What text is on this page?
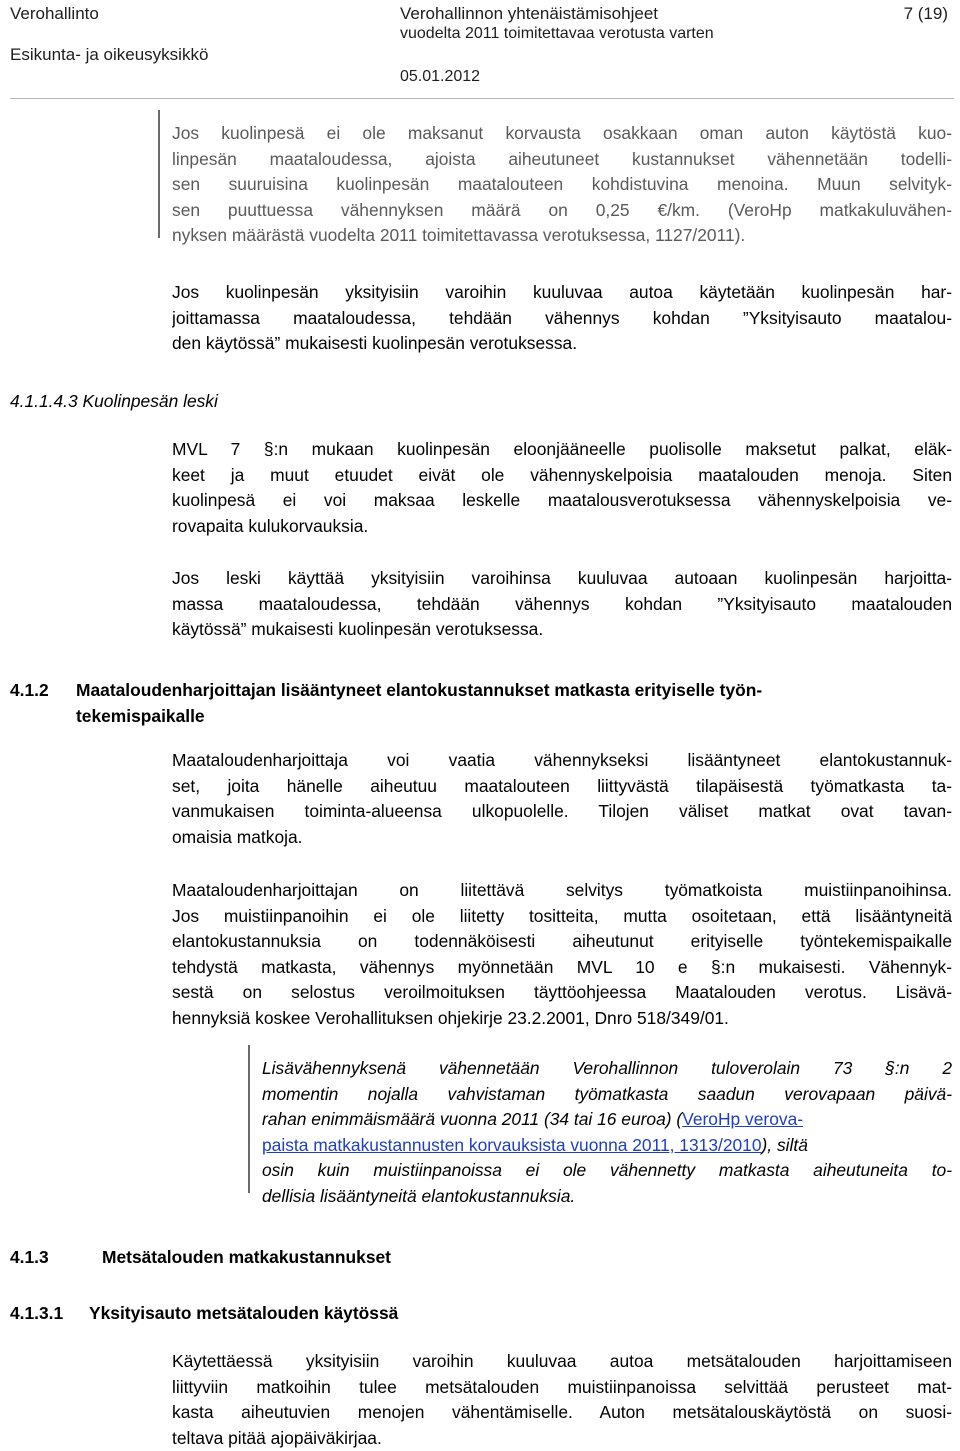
Verohallinto
Esikunta- ja oikeusyksikkö
Verohallinnon yhtenäistämisohjeet
vuodelta 2011 toimitettavaa verotusta varten
05.01.2012
7 (19)
Jos kuolinpesä ei ole maksanut korvausta osakkaan oman auton käytöstä kuo-
linpesän maataloudessa, ajoista aiheutuneet kustannukset vähennetään todelli-
sen suuruisina kuolinpesän maatalouteen kohdistuvina menoina. Muun selvityk-
sen puuttuessa vähennyksen määrä on 0,25 €/km. (VeroHp matkakuluvähen-
nyksen määrästä vuodelta 2011 toimitettavassa verotuksessa, 1127/2011).
Jos kuolinpesän yksityisiin varoihin kuuluvaa autoa käytetään kuolinpesän har-
joittamassa maataloudessa, tehdään vähennys kohdan ”Yksityisauto maatalou-
den käytössä” mukaisesti kuolinpesän verotuksessa.
4.1.1.4.3 Kuolinpesän leski
MVL 7 §:n mukaan kuolinpesän eloonjääneelle puolisolle maksetut palkat, eläk-
keet ja muut etuudet eivät ole vähennyskelpoisia maatalouden menoja. Siten
kuolinpesä ei voi maksaa leskelle maatalousverotuksessa vähennyskelpoisia ve-
rovapaita kulukorvauksia.
Jos leski käyttää yksityisiin varoihinsa kuuluvaa autoaan kuolinpesän harjoitta-
massa maataloudessa, tehdään vähennys kohdan ”Yksityisauto maatalouden
käytössä” mukaisesti kuolinpesän verotuksessa.
4.1.2 Maataloudenharjoittajan lisääntyneet elantokustannukset matkasta erityiselle työn-
tekemispaikalle
Maataloudenharjoittaja voi vaatia vähennykseksi lisääntyneet elantokustannuk-
set, joita hänelle aiheutuu maatalouteen liittyvästä tilapäisestä työmatkasta ta-
vanmukaisen toiminta-alueensa ulkopuolelle. Tilojen väliset matkat ovat tavan-
omaisia matkoja.
Maataloudenharjoittajan on liitettävä selvitys työmatkoista muistiinpanoihinsa.
Jos muistiinpanoihin ei ole liitetty tositteita, mutta osoitetaan, että lisääntyneitä
elantokustannuksia on todennäköisesti aiheutunut erityiselle työntekemispaikalle
tehdystä matkasta, vähennys myönnetään MVL 10 e §:n mukaisesti. Vähennyk-
sestä on selostus veroilmoituksen täyttöohjeessa Maatalouden verotus. Lisävä-
hennyksiä koskee Verohallituksen ohjekirje 23.2.2001, Dnro 518/349/01.
Lisävähennyksenä vähennetään Verohallinnon tuloverolain 73 §:n 2
momentin nojalla vahvistaman työmatkasta saadun verovapaan päivä-
rahan enimmäismäärä vuonna 2011 (34 tai 16 euroa) (VeroHp verova-
paista matkakustannusten korvauksista vuonna 2011, 1313/2010), siltä
osin kuin muistiinpanoissa ei ole vähennetty matkasta aiheutuneita to-
dellisia lisääntyneitä elantokustannuksia.
4.1.3	Metsätalouden matkakustannukset
4.1.3.1 Yksityisauto metsätalouden käytössä
Käytettäessä yksityisiin varoihin kuuluvaa autoa metsätalouden harjoittamiseen
liittyviin matkoihin tulee metsätalouden muistiinpanoissa selvittää perusteet mat-
kasta aiheutuvien menojen vähentämiselle. Auton metsätalouskäytöstä on suosi-
teltava pitää ajopäiväkirjaa.
